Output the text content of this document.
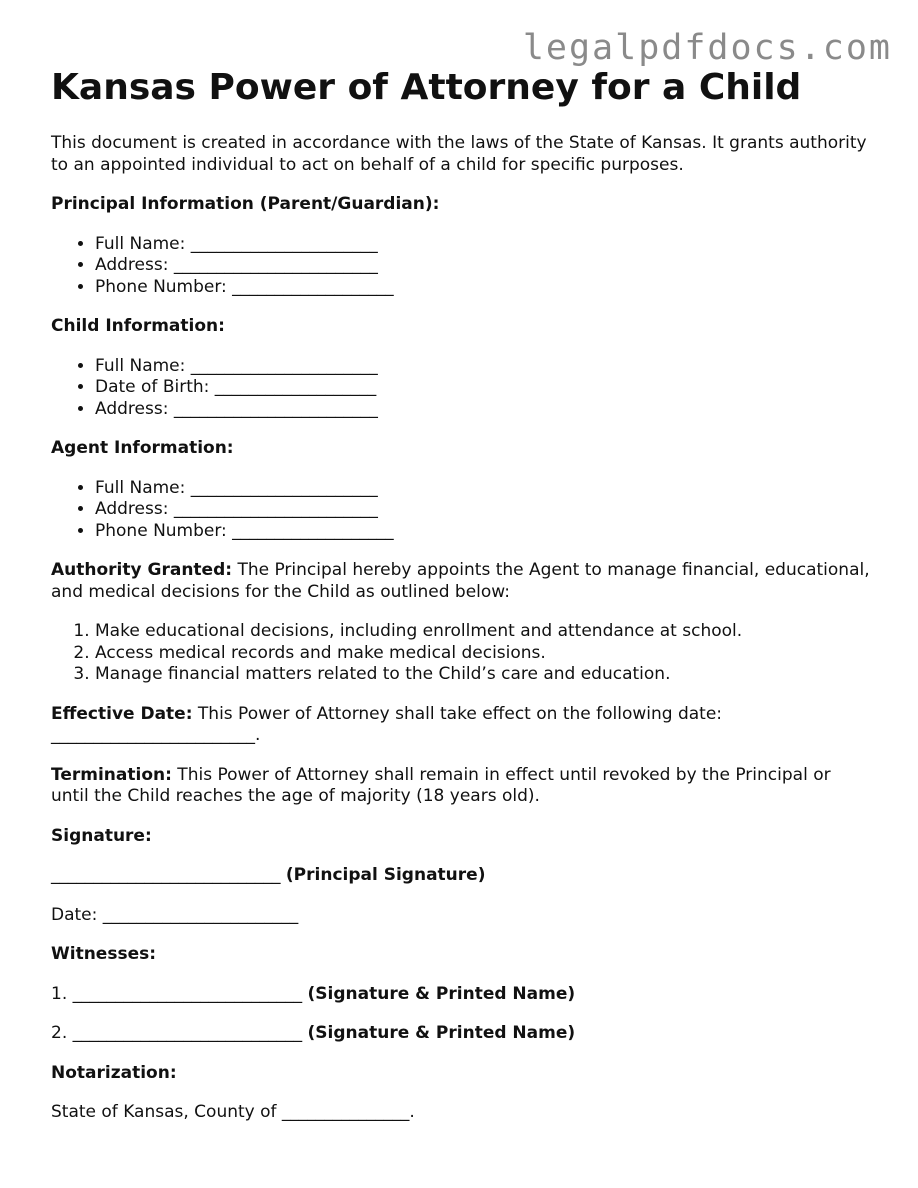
legalpdfdocs.com
Kansas Power of Attorney for a Child

This document is created in accordance with the laws of the State of Kansas. It grants authority to an appointed individual to act on behalf of a child for specific purposes.

Principal Information (Parent/Guardian):

• Full Name: ______________________
• Address: ________________________
• Phone Number: ___________________

Child Information:

• Full Name: ______________________
• Date of Birth: ___________________
• Address: ________________________

Agent Information:

• Full Name: ______________________
• Address: ________________________
• Phone Number: ___________________

Authority Granted: The Principal hereby appoints the Agent to manage financial, educational, and medical decisions for the Child as outlined below:

1. Make educational decisions, including enrollment and attendance at school.
2. Access medical records and make medical decisions.
3. Manage financial matters related to the Child’s care and education.

Effective Date: This Power of Attorney shall take effect on the following date: ________________________.

Termination: This Power of Attorney shall remain in effect until revoked by the Principal or until the Child reaches the age of majority (18 years old).

Signature:

___________________________ (Principal Signature)

Date: _______________________

Witnesses:

1. ___________________________ (Signature & Printed Name)

2. ___________________________ (Signature & Printed Name)

Notarization:

State of Kansas, County of _______________.
